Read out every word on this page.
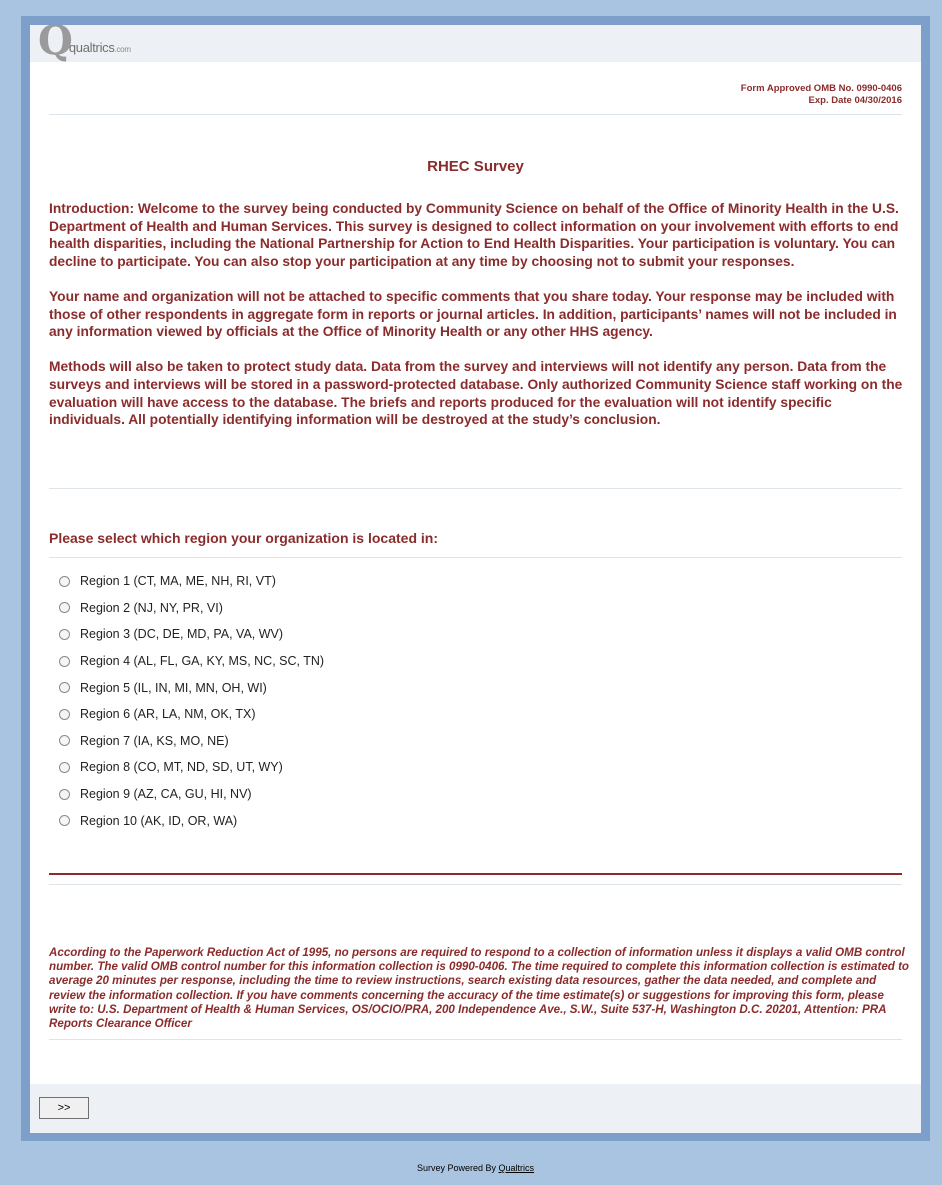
Q
qualtrics.com
Form Approved OMB No. 0990-0406
Exp. Date 04/30/2016
RHEC Survey

Introduction: Welcome to the survey being conducted by Community Science on behalf of the Office of Minority Health in the U.S. Department of Health and Human Services. This survey is designed to collect information on your involvement with efforts to end health disparities, including the National Partnership for Action to End Health Disparities. Your participation is voluntary. You can decline to participate. You can also stop your participation at any time by choosing not to submit your responses.

Your name and organization will not be attached to specific comments that you share today. Your response may be included with those of other respondents in aggregate form in reports or journal articles. In addition, participants’ names will not be included in any information viewed by officials at the Office of Minority Health or any other HHS agency.

Methods will also be taken to protect study data. Data from the survey and interviews will not identify any person. Data from the surveys and interviews will be stored in a password-protected database. Only authorized Community Science staff working on the evaluation will have access to the database. The briefs and reports produced for the evaluation will not identify specific individuals. All potentially identifying information will be destroyed at the study’s conclusion.

Please select which region your organization is located in:
Region 1 (CT, MA, ME, NH, RI, VT)
Region 2 (NJ, NY, PR, VI)
Region 3 (DC, DE, MD, PA, VA, WV)
Region 4 (AL, FL, GA, KY, MS, NC, SC, TN)
Region 5 (IL, IN, MI, MN, OH, WI)
Region 6 (AR, LA, NM, OK, TX)
Region 7 (IA, KS, MO, NE)
Region 8 (CO, MT, ND, SD, UT, WY)
Region 9 (AZ, CA, GU, HI, NV)
Region 10 (AK, ID, OR, WA)
According to the Paperwork Reduction Act of 1995, no persons are required to respond to a collection of information unless it displays a valid OMB control number. The valid OMB control number for this information collection is 0990-0406. The time required to complete this information collection is estimated to average 20 minutes per response, including the time to review instructions, search existing data resources, gather the data needed, and complete and review the information collection. If you have comments concerning the accuracy of the time estimate(s) or suggestions for improving this form, please write to: U.S. Department of Health & Human Services, OS/OCIO/PRA, 200 Independence Ave., S.W., Suite 537-H, Washington D.C. 20201, Attention: PRA Reports Clearance Officer
>>
Survey Powered By Qualtrics
